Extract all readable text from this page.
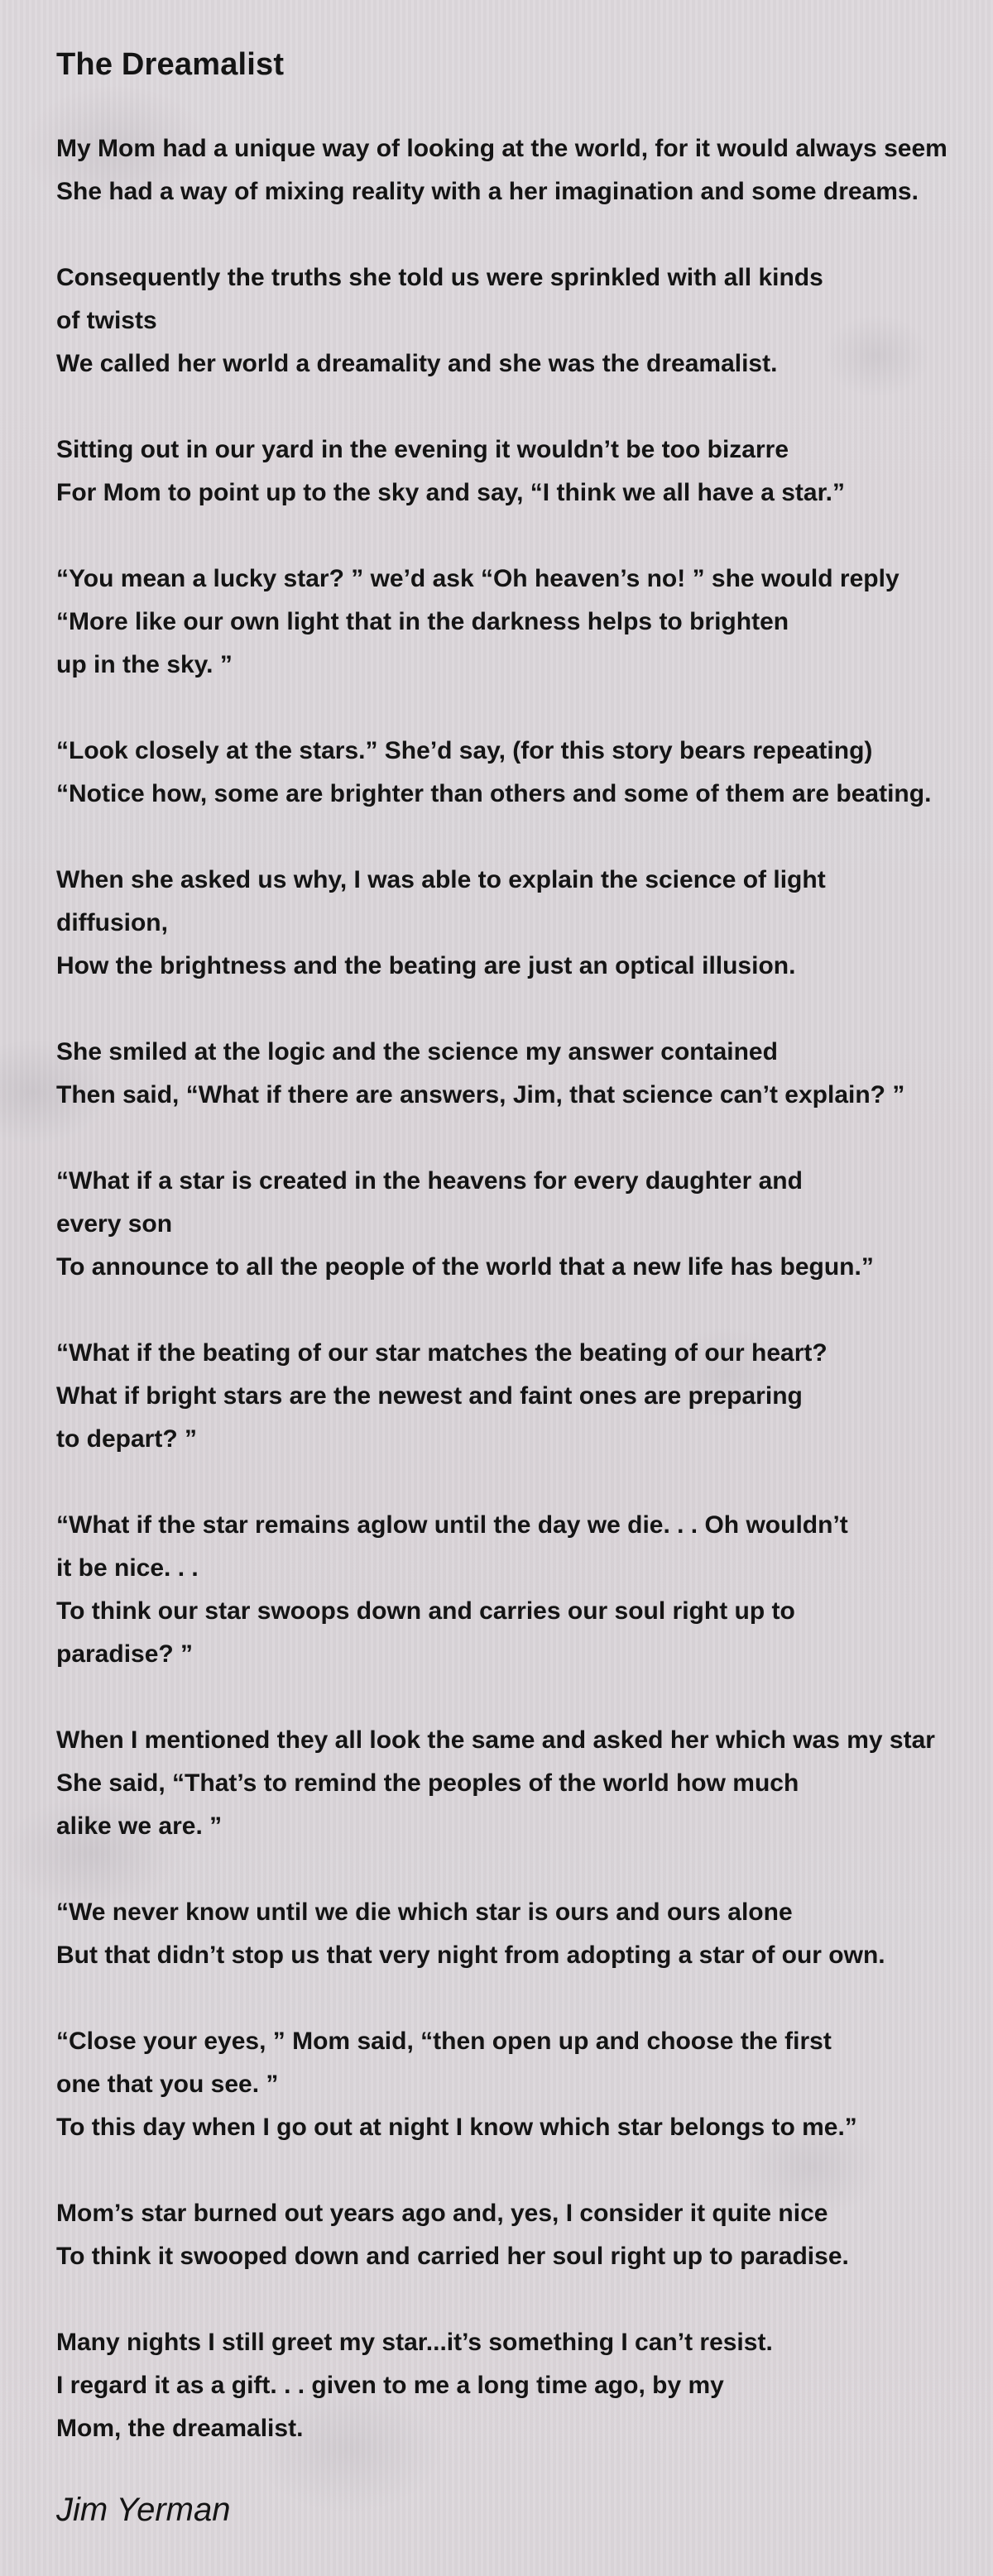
The Dreamalist
My Mom had a unique way of looking at the world, for it would always seem
She had a way of mixing reality with a her imagination and some dreams.
Consequently the truths she told us were sprinkled with all kinds
of twists
We called her world a dreamality and she was the dreamalist.
Sitting out in our yard in the evening it wouldn’t be too bizarre
For Mom to point up to the sky and say, “I think we all have a star.”
“You mean a lucky star? ” we’d ask “Oh heaven’s no! ” she would reply
“More like our own light that in the darkness helps to brighten
up in the sky. ”
“Look closely at the stars.” She’d say, (for this story bears repeating)
“Notice how, some are brighter than others and some of them are beating.
When she asked us why, I was able to explain the science of light
diffusion,
How the brightness and the beating are just an optical illusion.
She smiled at the logic and the science my answer contained
Then said, “What if there are answers, Jim, that science can’t explain? ”
“What if a star is created in the heavens for every daughter and
every son
To announce to all the people of the world that a new life has begun.”
“What if the beating of our star matches the beating of our heart?
What if bright stars are the newest and faint ones are preparing
to depart? ”
“What if the star remains aglow until the day we die. . . Oh wouldn’t
it be nice. . .
To think our star swoops down and carries our soul right up to
paradise? ”
When I mentioned they all look the same and asked her which was my star
She said, “That’s to remind the peoples of the world how much
alike we are. ”
“We never know until we die which star is ours and ours alone
But that didn’t stop us that very night from adopting a star of our own.
“Close your eyes, ” Mom said, “then open up and choose the first
one that you see. ”
To this day when I go out at night I know which star belongs to me.”
Mom’s star burned out years ago and, yes, I consider it quite nice
To think it swooped down and carried her soul right up to paradise.
Many nights I still greet my star...it’s something I can’t resist.
I regard it as a gift. . . given to me a long time ago, by my
Mom, the dreamalist.

Jim Yerman
